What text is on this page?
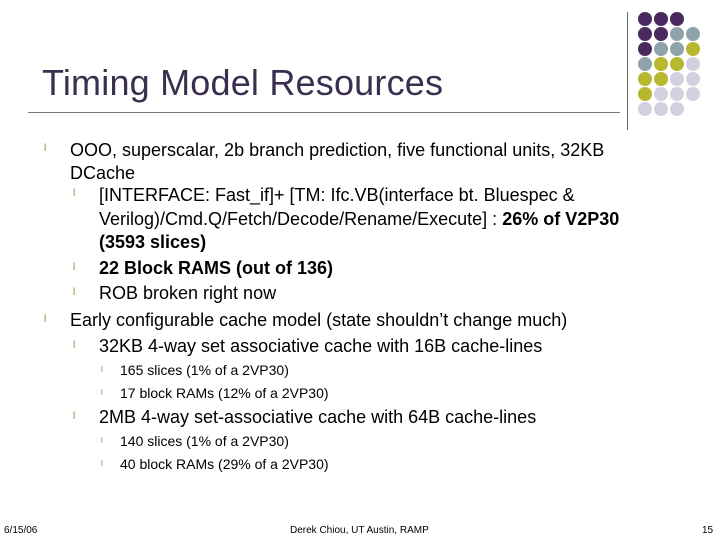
Timing Model Resources
l OOO, superscalar, 2b branch prediction, five functional units, 32KB
DCache
l [INTERFACE: Fast_if]+ [TM: Ifc.VB(interface bt. Bluespec &
Verilog)/Cmd.Q/Fetch/Decode/Rename/Execute] : 26% of V2P30
(3593 slices)
l 22 Block RAMS (out of 136)
l ROB broken right now
l Early configurable cache model (state shouldn’t change much)
l 32KB 4-way set associative cache with 16B cache-lines
l 165 slices (1% of a 2VP30)
l 17 block RAMs (12% of a 2VP30)
l 2MB 4-way set-associative cache with 64B cache-lines
l 140 slices (1% of a 2VP30)
l 40 block RAMs (29% of a 2VP30)
6/15/06	Derek Chiou, UT Austin, RAMP	15
